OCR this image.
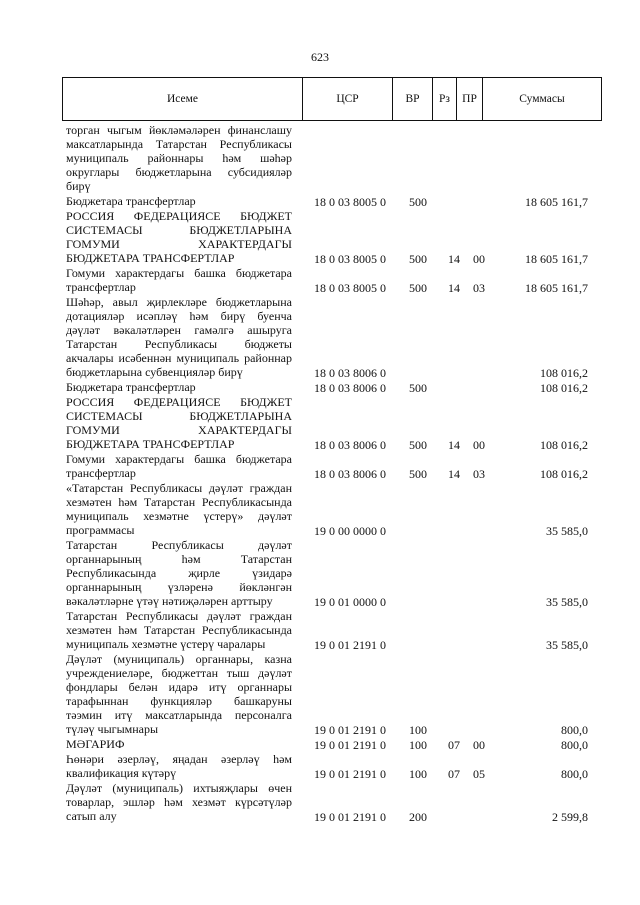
623
Исеме	ЦСР	ВР	Рз	ПР	Суммасы
торган чыгым йөкләмәләрен финанслашу
максатларында Татарстан Республикасы
муниципаль районнары һәм шәһәр
округлары бюджетларына субсидияләр
бирү
Бюджетара трансфертлар	18 0 03 8005 0	500	18 605 161,7
РОССИЯ ФЕДЕРАЦИЯСЕ БЮДЖЕТ
СИСТЕМАСЫ БЮДЖЕТЛАРЫНА
ГОМУМИ ХАРАКТЕРДАГЫ
БЮДЖЕТАРА ТРАНСФЕРТЛАР	18 0 03 8005 0	500	14	00	18 605 161,7
Гомуми характердагы башка бюджетара
трансфертлар	18 0 03 8005 0	500	14	03	18 605 161,7
Шәһәр, авыл җирлекләре бюджетларына
дотацияләр исәпләү һәм бирү буенча
дәүләт вәкаләтләрен гамәлгә ашыруга
Татарстан Республикасы бюджеты
акчалары исәбеннән муниципаль районнар
бюджетларына субвенцияләр бирү	18 0 03 8006 0	108 016,2
Бюджетара трансфертлар	18 0 03 8006 0	500	108 016,2
РОССИЯ ФЕДЕРАЦИЯСЕ БЮДЖЕТ
СИСТЕМАСЫ БЮДЖЕТЛАРЫНА
ГОМУМИ ХАРАКТЕРДАГЫ
БЮДЖЕТАРА ТРАНСФЕРТЛАР	18 0 03 8006 0	500	14	00	108 016,2
Гомуми характердагы башка бюджетара
трансфертлар	18 0 03 8006 0	500	14	03	108 016,2
«Татарстан Республикасы дәүләт граждан
хезмәтен һәм Татарстан Республикасында
муниципаль хезмәтне үстерү» дәүләт
программасы	19 0 00 0000 0	35 585,0
Татарстан Республикасы дәүләт
органнарының һәм Татарстан
Республикасында җирле үзидарә
органнарының үзләренә йөкләнгән
вәкаләтләрне үтәү нәтиҗәләрен арттыру	19 0 01 0000 0	35 585,0
Татарстан Республикасы дәүләт граждан
хезмәтен һәм Татарстан Республикасында
муниципаль хезмәтне үстерү чаралары	19 0 01 2191 0	35 585,0
Дәүләт (муниципаль) органнары, казна
учреждениеләре, бюджеттан тыш дәүләт
фондлары белән идарә итү органнары
тарафыннан функцияләр башкаруны
тәэмин итү максатларында персоналга
түләү чыгымнары	19 0 01 2191 0	100	800,0
МӘГАРИФ	19 0 01 2191 0	100	07	00	800,0
Һөнәри әзерләү, яңадан әзерләү һәм
квалификация күтәрү	19 0 01 2191 0	100	07	05	800,0
Дәүләт (муниципаль) ихтыяҗлары өчен
товарлар, эшләр һәм хезмәт күрсәтүләр
сатып алу	19 0 01 2191 0	200	2 599,8
